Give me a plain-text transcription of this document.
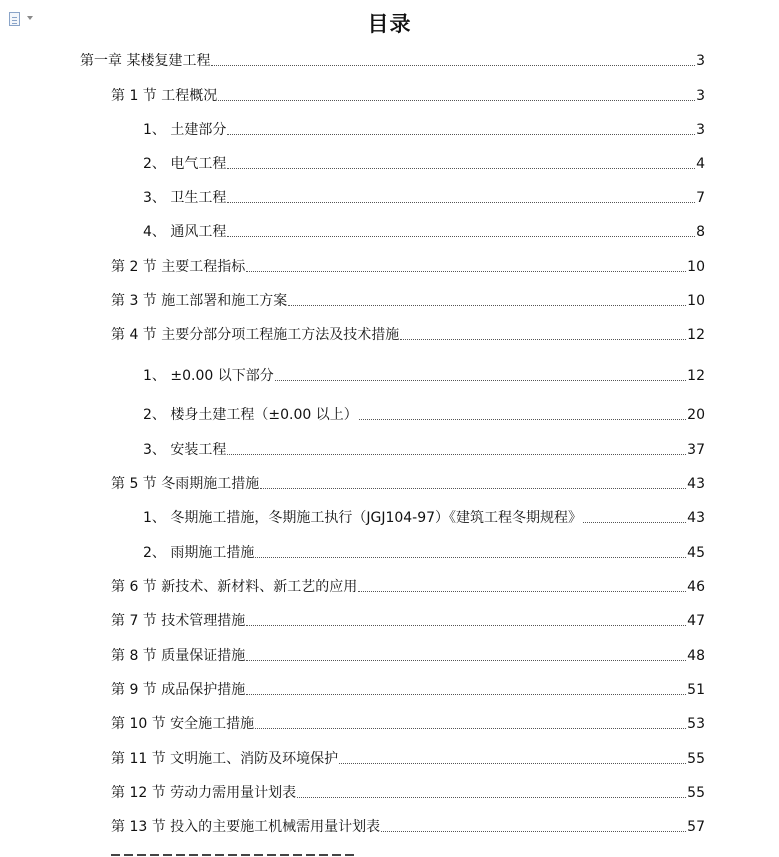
目录
第一章 某楼复建工程	3
第 1 节 工程概况	3
1、 土建部分	3
2、 电气工程	4
3、 卫生工程	7
4、 通风工程	8
第 2 节 主要工程指标	10
第 3 节 施工部署和施工方案	10
第 4 节 主要分部分项工程施工方法及技术措施	12
1、 ±0.00 以下部分	12
2、 楼身土建工程（±0.00 以上）	20
3、 安装工程	37
第 5 节 冬雨期施工措施	43
1、 冬期施工措施，冬期施工执行（JGJ104-97）《建筑工程冬期规程》	43
2、 雨期施工措施	45
第 6 节 新技术、新材料、新工艺的应用	46
第 7 节 技术管理措施	47
第 8 节 质量保证措施	48
第 9 节 成品保护措施	51
第 10 节 安全施工措施	53
第 11 节 文明施工、消防及环境保护	55
第 12 节 劳动力需用量计划表	55
第 13 节 投入的主要施工机械需用量计划表	57
